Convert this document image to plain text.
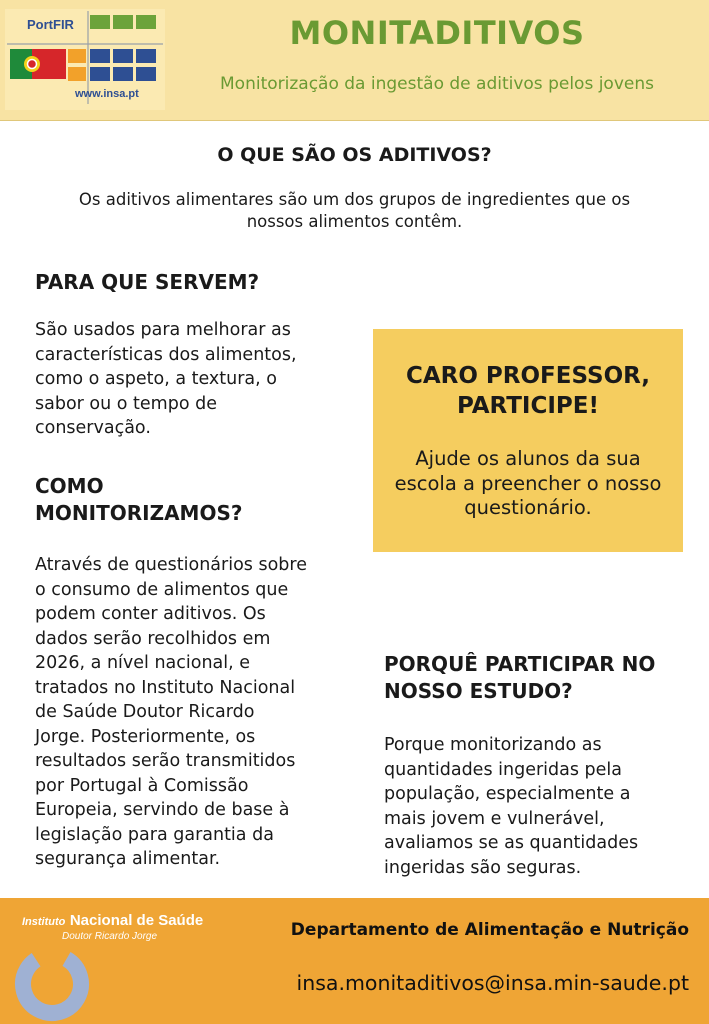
PortFIR
www.insa.pt
MONITADITIVOS
Monitorização da ingestão de aditivos pelos jovens
O QUE SÃO OS ADITIVOS?
Os aditivos alimentares são um dos grupos de ingredientes que os
nossos alimentos contêm.
PARA QUE SERVEM?
São usados para melhorar as
características dos alimentos,
como o aspeto, a textura, o
sabor ou o tempo de
conservação.
COMO
MONITORIZAMOS?
Através de questionários sobre
o consumo de alimentos que
podem conter aditivos. Os
dados serão recolhidos em
2026, a nível nacional, e
tratados no Instituto Nacional
de Saúde Doutor Ricardo
Jorge. Posteriormente, os
resultados serão transmitidos
por Portugal à Comissão
Europeia, servindo de base à
legislação para garantia da
segurança alimentar.
CARO PROFESSOR,
PARTICIPE!
Ajude os alunos da sua
escola a preencher o nosso
questionário.
PORQUÊ PARTICIPAR NO
NOSSO ESTUDO?
Porque monitorizando as
quantidades ingeridas pela
população, especialmente a
mais jovem e vulnerável,
avaliamos se as quantidades
ingeridas são seguras.
Instituto Nacional de Saúde
Doutor Ricardo Jorge	Departamento de Alimentação e Nutrição
insa.monitaditivos@insa.min-saude.pt
